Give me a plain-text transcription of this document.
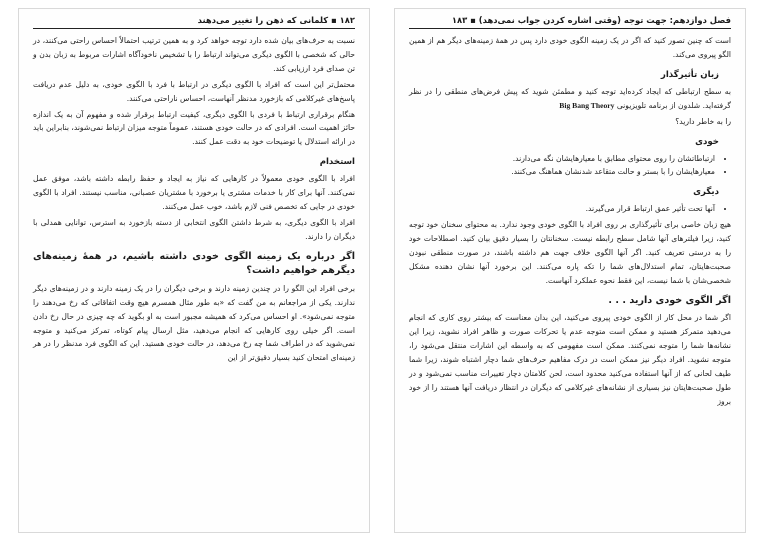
۱۸۲ ▪ کلمانی که ذهن را تغییر می‌دهند
نسبت به حرف‌های بیان شده دارد توجه خواهد کرد و به همین ترتیب احتمالاً احساس راحتی می‌کنند، در حالی که شخصی با الگوی دیگری می‌تواند ارتباط را با تشخیص ناخودآگاه اشارات مربوط به زبان بدن و تن صدای فرد ارزیابی کند.
محتمل‌تر این است که افراد با الگوی دیگری در ارتباط با فرد با الگوی خودی، به دلیل عدم دریافت پاسخ‌های غیرکلامی که بازخورد مدنظر آنهاست، احساس ناراحتی می‌کنند.
هنگام برقراری ارتباط با فردی با الگوی دیگری، کیفیت ارتباط برقرار شده و مفهوم آن به یک اندازه حائز اهمیت است. افرادی که در حالت خودی هستند، عموماً متوجه میزان ارتباط نمی‌شوند، بنابراین باید در ارائه استدلال یا توضیحات خود به دقت عمل کنند.
استخدام
افراد با الگوی خودی معمولاً در کارهایی که نیاز به ایجاد و حفظ رابطه داشته باشد، موفق عمل نمی‌کنند. آنها برای کار با خدمات مشتری یا برخورد با مشتریان عصبانی، مناسب نیستند. افراد با الگوی خودی در جایی که تخصص فنی لازم باشد، خوب عمل می‌کنند.
افراد با الگوی دیگری، به شرط داشتن الگوی انتخابی از دسته بازخورد به استرس، توانایی همدلی با دیگران را دارند.
اگر درباره یک زمینه الگوی خودی داشته باشیم، در همهٔ زمینه‌های دیگرهم خواهیم داشت؟
برخی افراد این الگو را در چندین زمینه دارند و برخی دیگران را در یک زمینه دارند و در زمینه‌های دیگر ندارند. یکی از مراجعانم به من گفت که «به طور مثال همسرم هیچ وقت اتفاقاتی که رخ می‌دهند را متوجه نمی‌شود». او احساس می‌کرد که همیشه مجبور است به او بگوید که چه چیزی در حال رخ دادن است. اگر خیلی روی کارهایی که انجام می‌دهید، مثل ارسال پیام کوتاه، تمرکز می‌کنید و متوجه نمی‌شوید که در اطراف شما چه رخ می‌دهد، در حالت خودی هستید. این که الگوی فرد مدنظر را در هر زمینه‌ای امتحان کنید بسیار دقیق‌تر از این
فصل دوازدهم: جهت توجه (وقتی اشاره کردن جواب نمی‌دهد) ▪ ۱۸۳
است که چنین تصور کنید که اگر در یک زمینه الگوی خودی دارد پس در همهٔ زمینه‌های دیگر هم از همین الگو پیروی می‌کند.
زبان تأثیرگذار
به سطح ارتباطی که ایجاد کرده‌اید توجه کنید و مطمئن شوید که پیش فرض‌های منطقی را در نظر گرفته‌اید. شلدون از برنامه تلویزیونی Big Bang Theory
را به خاطر دارید؟
خودی
• ارتباطاتشان را روی محتوای مطابق با معیارهایشان نگه می‌دارند.
• معیارهایشان را با بستر و حالت متقاعد شدنشان هماهنگ می‌کنند.
دیگری
• آنها تحت تأثیر عمق ارتباط قرار می‌گیرند.
هیچ زبان خاصی برای تأثیرگذاری بر روی افراد با الگوی خودی وجود ندارد. به محتوای سخنان خود توجه کنید، زیرا فیلترهای آنها شامل سطح رابطه نیست. سخنانتان را بسیار دقیق بیان کنید. اصطلاحات خود را به درستی تعریف کنید. اگر آنها الگوی خلاف جهت هم داشته باشند، در صورت منطقی نبودن صحبت‌هایتان، تمام استدلال‌های شما را تکه پاره می‌کنند. این برخورد آنها نشان دهنده مشکل شخصی‌شان با شما نیست، این فقط نحوه عملکرد آنهاست.
اگر الگوی خودی دارید . . .
اگر شما در محل کار از الگوی خودی پیروی می‌کنید، این بدان معناست که بیشتر روی کاری که انجام می‌دهید متمرکز هستید و ممکن است متوجه عدم یا تحرکات صورت و ظاهر افراد نشوید، زیرا این نشانه‌ها شما را متوجه نمی‌کنند. ممکن است مفهومی که به واسطه این اشارات منتقل می‌شود را، متوجه نشوید. افراد دیگر نیز ممکن است در درک مفاهیم حرف‌های شما دچار اشتباه شوند، زیرا شما طیف لحانی که از آنها استفاده می‌کنید محدود است، لحن کلامتان دچار تغییرات مناسب نمی‌شود و در طول صحبت‌هایتان نیز بسیاری از نشانه‌های غیرکلامی که دیگران در انتظار دریافت آنها هستند را از خود بروز
